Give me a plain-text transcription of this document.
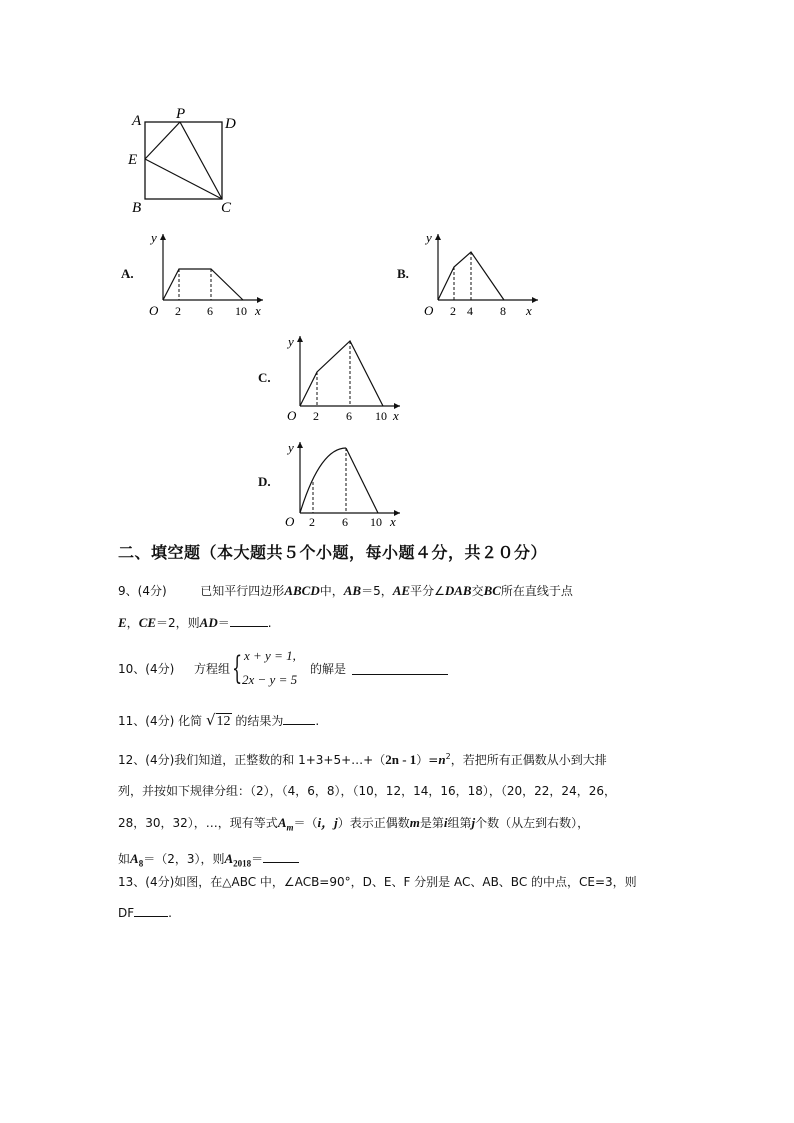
A P
D
E
B	C
A.
y
x
O 2 6 10
B.
y
x
O 2 4 8
C.
y
x
O 2 6 10
D.
y
x
O 2 6 10
二、填空题（本大题共５个小题，每小题４分，共２０分）
9、(4分)	已知平行四边形ABCD中，AB＝5，AE平分∠DAB交BC所在直线于点
E，CE＝2，则AD＝	.
10、(4分) 方程组 { x + y = 1,
2x − y = 5
的解是
11、(4分) 化简 √12 的结果为	.
12、(4分)我们知道，正整数的和 1+3+5+…+（2n - $1)=n^2$，若把所有正偶数从小到大排
列，并按如下规律分组：（2），（4，6，8），（10，12，14，16，18），（20，22，24，26，
28，30，32），…，现有等式$A_m=(i$，j）表示正偶数m是第i组第j个数（从左到右数），
如$A_8=(2$，3），则$A_{2018}=$
13、(4分)如图，在△ABC 中，∠ACB=90°，D、E、F 分别是 AC、AB、BC 的中点，CE=3，则
DF	.
